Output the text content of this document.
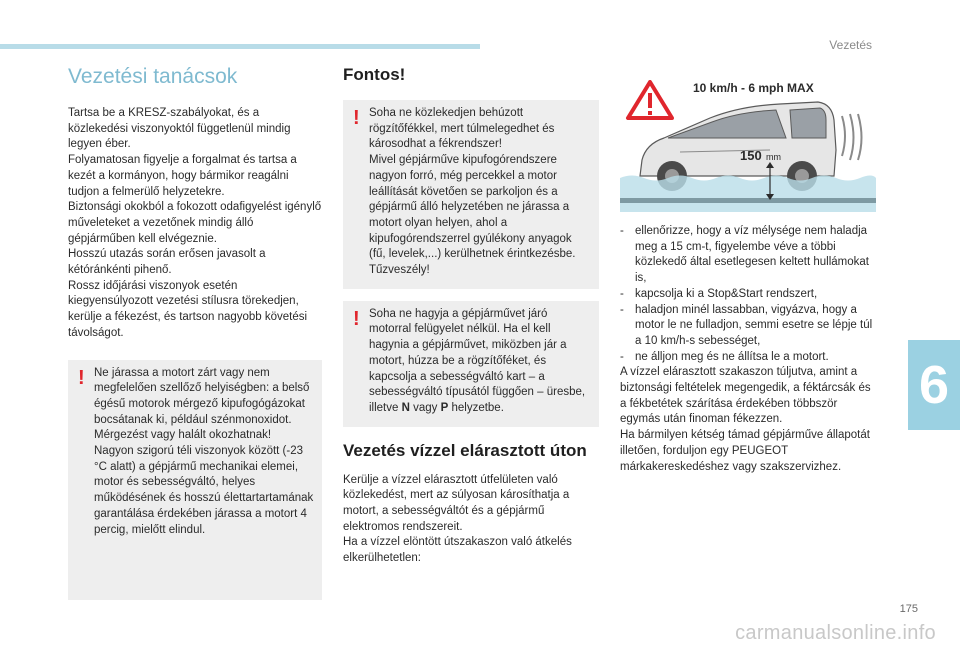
Vezetés
Vezetési tanácsok

Tartsa be a KRESZ-szabályokat, és a közlekedési viszonyoktól függetlenül mindig legyen éber.
Folyamatosan figyelje a forgalmat és tartsa a kezét a kormányon, hogy bármikor reagálni tudjon a felmerülő helyzetekre.
Biztonsági okokból a fokozott odafigyelést igénylő műveleteket a vezetőnek mindig álló gépjárműben kell elvégeznie.
Hosszú utazás során erősen javasolt a kétóránkénti pihenő.
Rossz időjárási viszonyok esetén kiegyensúlyozott vezetési stílusra törekedjen, kerülje a fékezést, és tartson nagyobb követési távolságot.

! Ne járassa a motort zárt vagy nem megfelelően szellőző helyiségben: a belső égésű motorok mérgező kipufogógázokat bocsátanak ki, például szénmonoxidot. Mérgezést vagy halált okozhatnak!
Nagyon szigorú téli viszonyok között (-23 °C alatt) a gépjármű mechanikai elemei, motor és sebességváltó, helyes működésének és hosszú élettartartamának garantálása érdekében járassa a motort 4 percig, mielőtt elindul.

Fontos!
! Soha ne közlekedjen behúzott rögzítőfékkel, mert túlmelegedhet és károsodhat a fékrendszer!
Mivel gépjárműve kipufogórendszere nagyon forró, még percekkel a motor leállítását követően se parkoljon és a gépjármű álló helyzetében ne járassa a motort olyan helyen, ahol a kipufogórendszerrel gyúlékony anyagok (fű, levelek,...) kerülhetnek érintkezésbe.
Tűzveszély!

! Soha ne hagyja a gépjárművet járó motorral felügyelet nélkül. Ha el kell hagynia a gépjárművet, miközben jár a motort, húzza be a rögzítőféket, és kapcsolja a sebességváltó kart – a sebességváltó típusától függően – üresbe, illetve N vagy P helyzetbe.

Vezetés vízzel elárasztott úton

Kerülje a vízzel elárasztott útfelületen való közlekedést, mert az súlyosan károsíthatja a motort, a sebességváltót és a gépjármű elektromos rendszereit.
Ha a vízzel elöntött útszakaszon való átkelés elkerülhetetlen:

10 km/h - 6 mph MAX
150 mm
- ellenőrizze, hogy a víz mélysége nem haladja meg a 15 cm-t, figyelembe véve a többi közlekedő által esetlegesen keltett hullámokat is,
- kapcsolja ki a Stop&Start rendszert,
- haladjon minél lassabban, vigyázva, hogy a motor le ne fulladjon, semmi esetre se lépje túl a 10 km/h-s sebességet,
- ne álljon meg és ne állítsa le a motort.

A vízzel elárasztott szakaszon túljutva, amint a biztonsági feltételek megengedik, a féktárcsák és a fékbetétek szárítása érdekében többször egymás után finoman fékezzen.
Ha bármilyen kétség támad gépjárműve állapotát illetően, forduljon egy PEUGEOT márkakereskedéshez vagy szakszervizhez.

6
175
carmanualsonline.info
